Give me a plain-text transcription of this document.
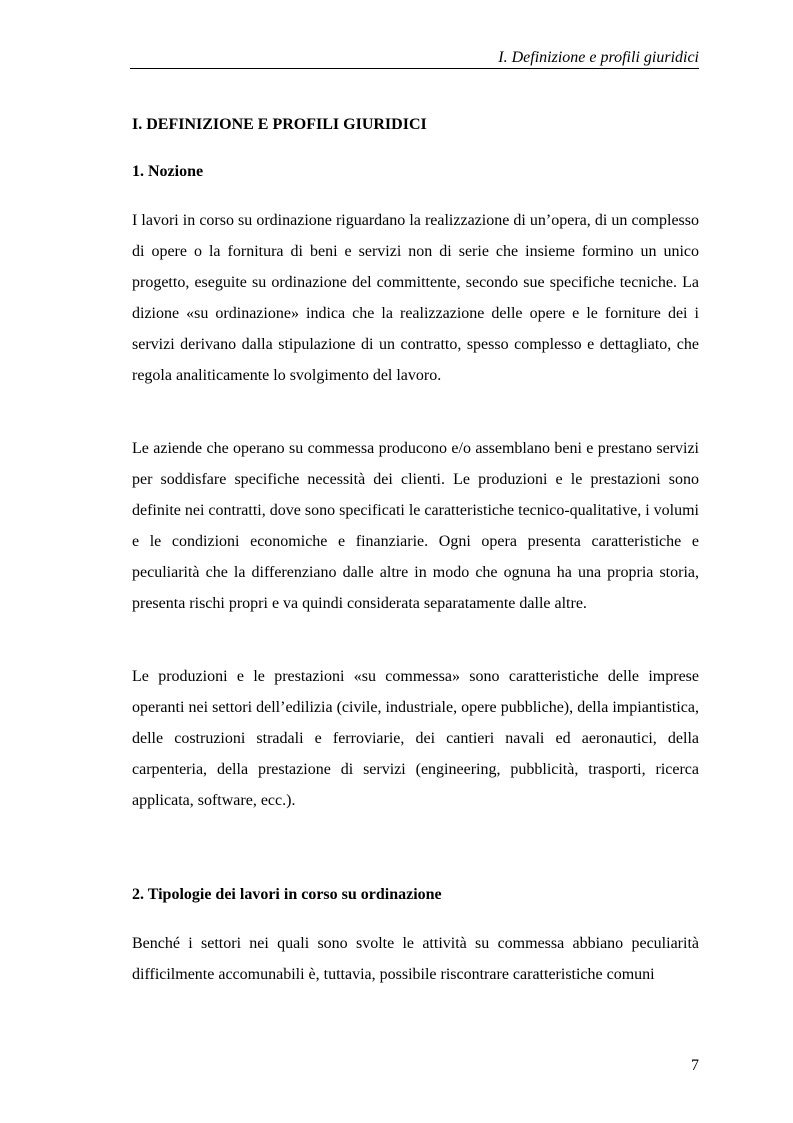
I. Definizione e profili giuridici
I. DEFINIZIONE E PROFILI GIURIDICI
1. Nozione

I lavori in corso su ordinazione riguardano la realizzazione di un’opera, di un complesso di opere o la fornitura di beni e servizi non di serie che insieme formino un unico progetto, eseguite su ordinazione del committente, secondo sue specifiche tecniche. La dizione «su ordinazione» indica che la realizzazione delle opere e le forniture dei i servizi derivano dalla stipulazione di un contratto, spesso complesso e dettagliato, che regola analiticamente lo svolgimento del lavoro.

Le aziende che operano su commessa producono e/o assemblano beni e prestano servizi per soddisfare specifiche necessità dei clienti. Le produzioni e le prestazioni sono definite nei contratti, dove sono specificati le caratteristiche tecnico-qualitative, i volumi e le condizioni economiche e finanziarie. Ogni opera presenta caratteristiche e peculiarità che la differenziano dalle altre in modo che ognuna ha una propria storia, presenta rischi propri e va quindi considerata separatamente dalle altre.

Le produzioni e le prestazioni «su commessa» sono caratteristiche delle imprese operanti nei settori dell’edilizia (civile, industriale, opere pubbliche), della impiantistica, delle costruzioni stradali e ferroviarie, dei cantieri navali ed aeronautici, della carpenteria, della prestazione di servizi (engineering, pubblicità, trasporti, ricerca applicata, software, ecc.).

2. Tipologie dei lavori in corso su ordinazione

Benché i settori nei quali sono svolte le attività su commessa abbiano peculiarità difficilmente accomunabili è, tuttavia, possibile riscontrare caratteristiche comuni

7
